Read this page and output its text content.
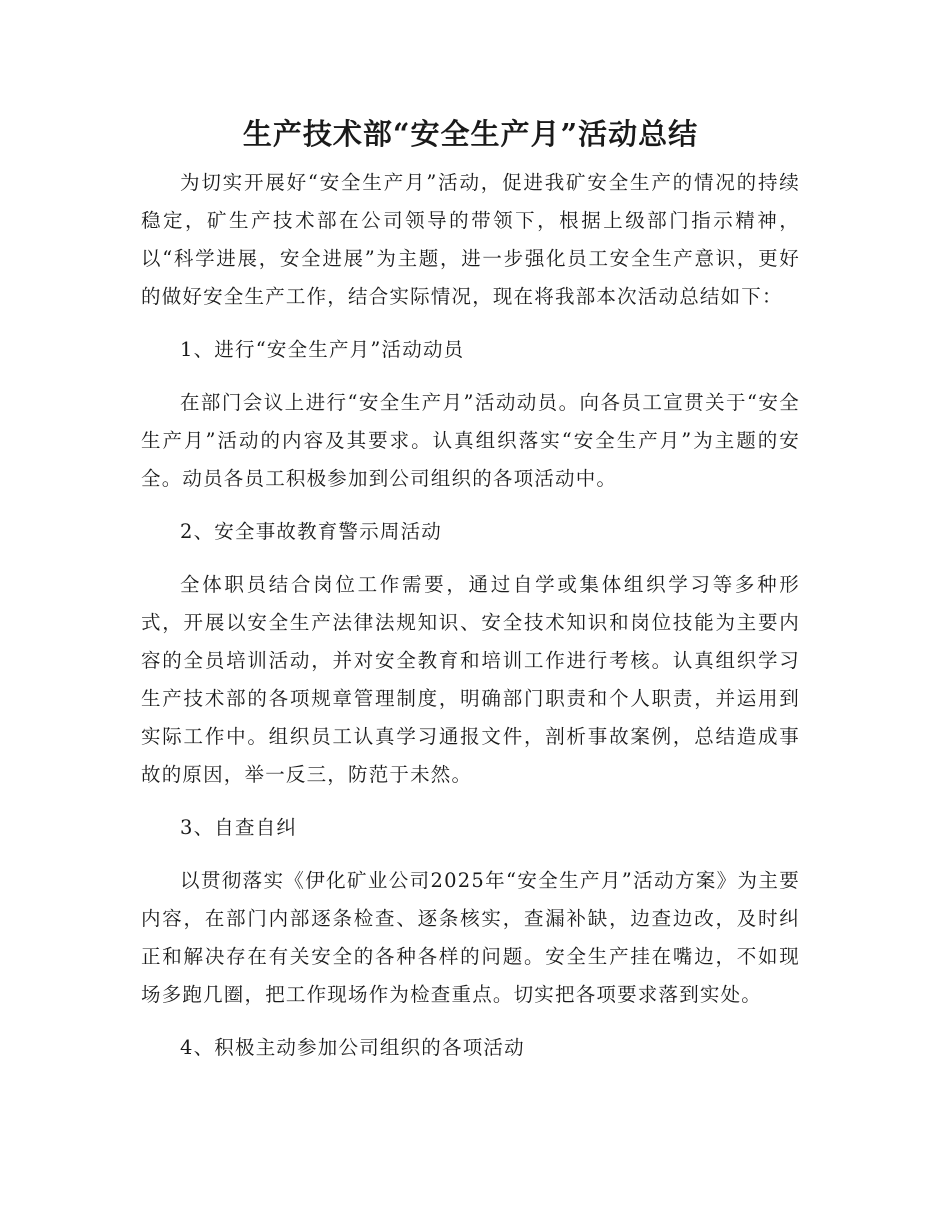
生产技术部“安全生产月”活动总结

为切实开展好“安全生产月”活动，促进我矿安全生产的情况的持续稳定，矿生产技术部在公司领导的带领下，根据上级部门指示精神，以“科学进展，安全进展”为主题，进一步强化员工安全生产意识，更好的做好安全生产工作，结合实际情况，现在将我部本次活动总结如下：

1、进行“安全生产月”活动动员

在部门会议上进行“安全生产月”活动动员。向各员工宣贯关于“安全生产月”活动的内容及其要求。认真组织落实“安全生产月”为主题的安全。动员各员工积极参加到公司组织的各项活动中。

2、安全事故教育警示周活动

全体职员结合岗位工作需要，通过自学或集体组织学习等多种形式，开展以安全生产法律法规知识、安全技术知识和岗位技能为主要内容的全员培训活动，并对安全教育和培训工作进行考核。认真组织学习生产技术部的各项规章管理制度，明确部门职责和个人职责，并运用到实际工作中。组织员工认真学习通报文件，剖析事故案例，总结造成事故的原因，举一反三，防范于未然。

3、自查自纠

以贯彻落实《伊化矿业公司2025年“安全生产月”活动方案》为主要内容，在部门内部逐条检查、逐条核实，查漏补缺，边查边改，及时纠正和解决存在有关安全的各种各样的问题。安全生产挂在嘴边，不如现场多跑几圈，把工作现场作为检查重点。切实把各项要求落到实处。

4、积极主动参加公司组织的各项活动
